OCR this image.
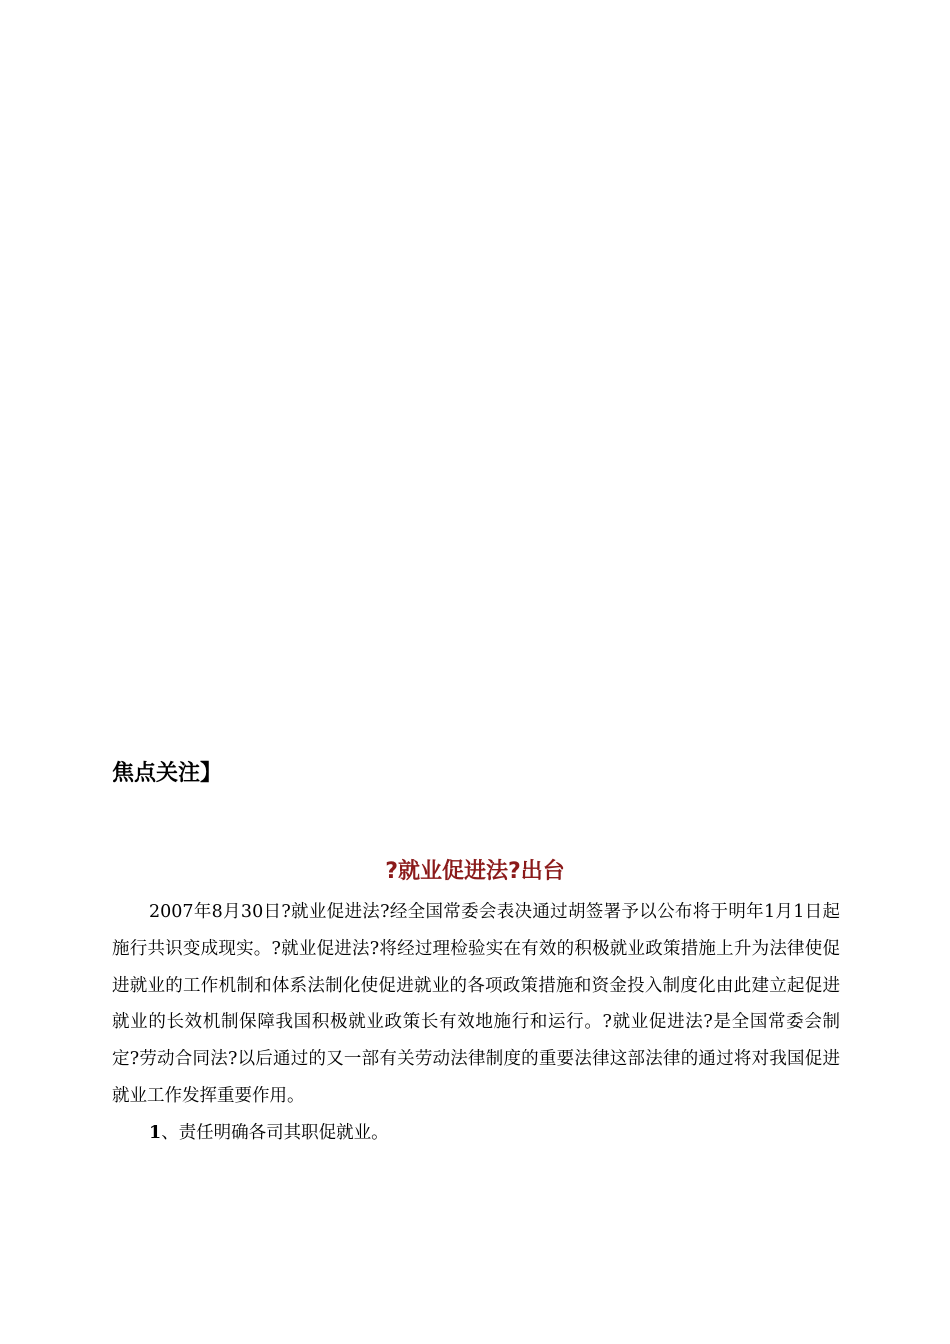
焦点关注】
?就业促进法?出台

2007年8月30日?就业促进法?经全国常委会表决通过胡签署予以公布将于明年1月1日起施行共识变成现实。?就业促进法?将经过理检验实在有效的积极就业政策措施上升为法律使促进就业的工作机制和体系法制化使促进就业的各项政策措施和资金投入制度化由此建立起促进就业的长效机制保障我国积极就业政策长有效地施行和运行。?就业促进法?是全国常委会制定?劳动合同法?以后通过的又一部有关劳动法律制度的重要法律这部法律的通过将对我国促进就业工作发挥重要作用。

1、责任明确各司其职促就业。
